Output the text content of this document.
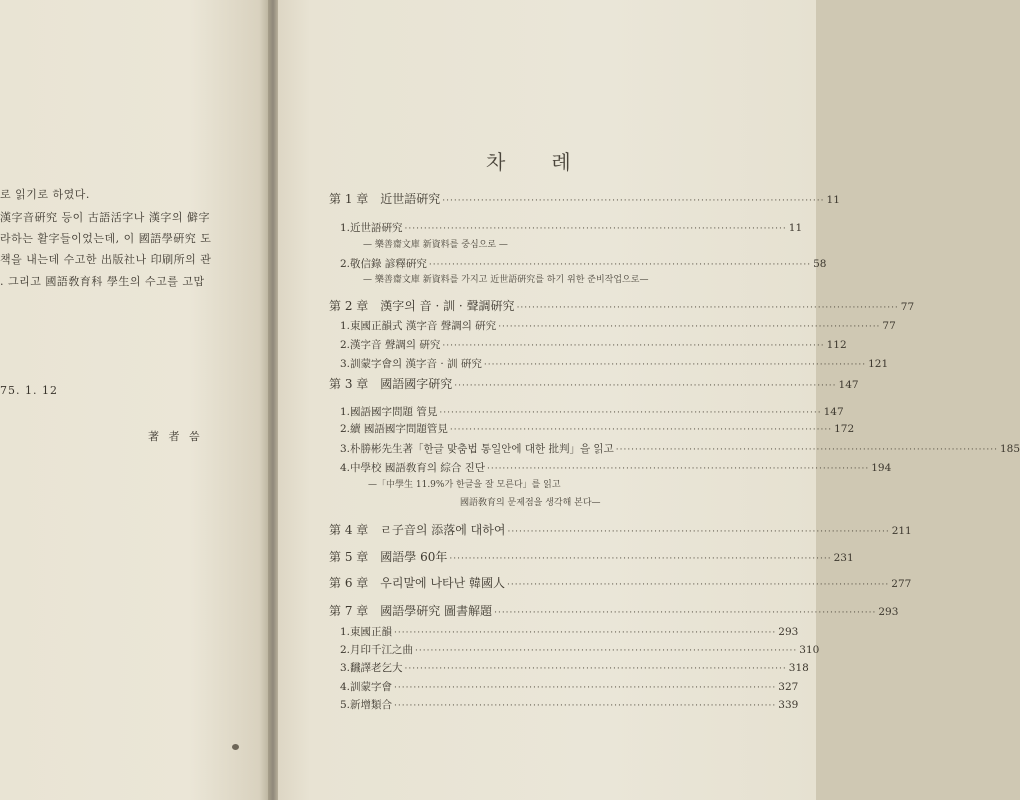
로 읽기로 하였다.
漢字音硏究 등이 古語活字나 漢字의 僻字
라하는 활字들이었는데, 이 國語學硏究 도
책을 내는데 수고한 出版社나 印刷所의 관
. 그리고 國語敎育科 學生의 수고를 고맙
75. 1. 12
著 者 씀
차 례
第 1 章 近世語硏究 ··································································································· 11
1. 近世語硏究 ··································································································· 11
— 樂善齋文庫 新資料를 중심으로 —
2. 敬信錄 諺釋硏究 ··································································································· 58
— 樂善齋文庫 新資料를 가지고 近世語硏究를 하기 위한 준비작업으로—
第 2 章 漢字의 音 · 訓 · 聲調硏究 ··································································································· 77
1. 東國正韻式 漢字音 聲調의 硏究 ··································································································· 77
2. 漢字音 聲調의 硏究 ··································································································· 112
3. 訓蒙字會의 漢字音 · 訓 硏究 ··································································································· 121
第 3 章 國語國字硏究 ··································································································· 147
1. 國語國字問題 管見 ··································································································· 147
2. 續 國語國字問題管見 ··································································································· 172
3. 朴勝彬先生著「한글 맞춤법 통일안에 대한 批判」을 읽고 ··································································································· 185
4. 中學校 國語敎育의 綜合 진단 ··································································································· 194
—「中學生 11.9%가 한글을 잘 모른다」를 읽고
國語敎育의 문제점을 생각해 본다—
第 4 章 ㄹ子音의 添落에 대하여 ··································································································· 211
第 5 章 國語學 60年 ··································································································· 231
第 6 章 우리말에 나타난 韓國人 ··································································································· 277
第 7 章 國語學硏究 圖書解題 ··································································································· 293
1. 東國正韻 ··································································································· 293
2. 月印千江之曲 ··································································································· 310
3. 飜譯老乞大 ··································································································· 318
4. 訓蒙字會 ··································································································· 327
5. 新增類合 ··································································································· 339
